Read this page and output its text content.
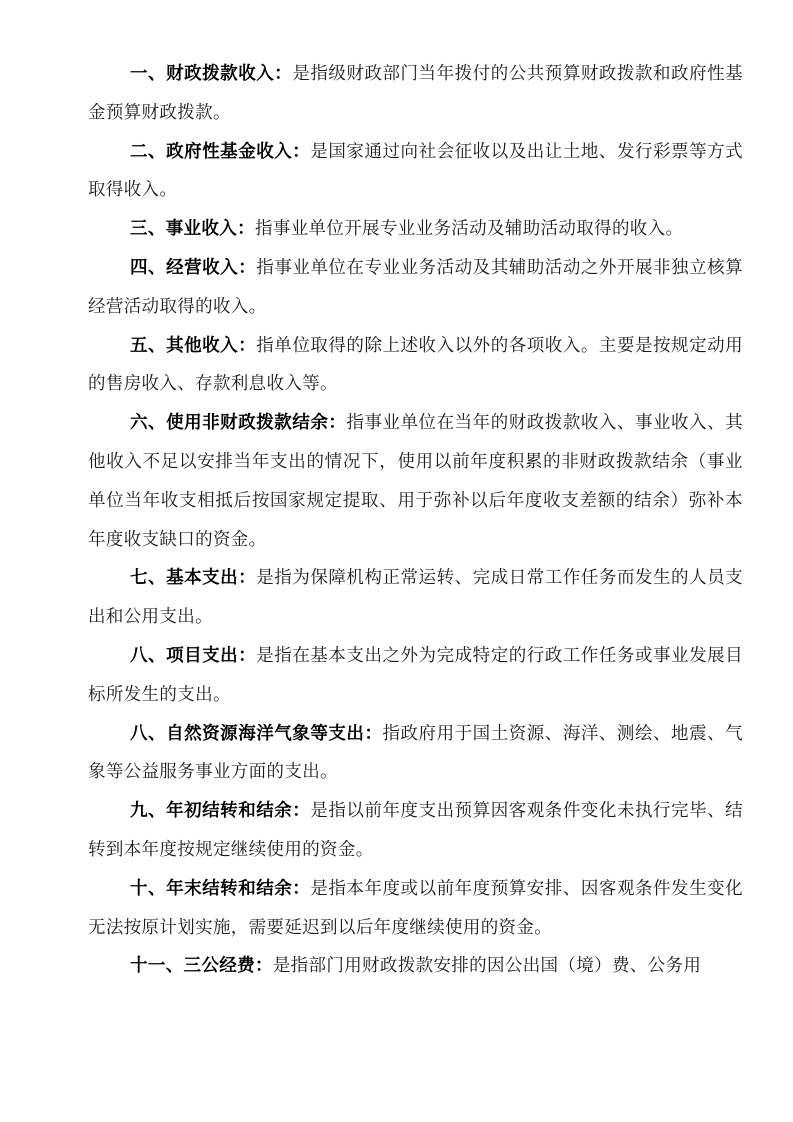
一、财政拨款收入：是指级财政部门当年拨付的公共预算财政拨款和政府性基金预算财政拨款。

二、政府性基金收入：是国家通过向社会征收以及出让土地、发行彩票等方式取得收入。

三、事业收入：指事业单位开展专业业务活动及辅助活动取得的收入。

四、经营收入：指事业单位在专业业务活动及其辅助活动之外开展非独立核算经营活动取得的收入。

五、其他收入：指单位取得的除上述收入以外的各项收入。主要是按规定动用的售房收入、存款利息收入等。

六、使用非财政拨款结余：指事业单位在当年的财政拨款收入、事业收入、其他收入不足以安排当年支出的情况下，使用以前年度积累的非财政拨款结余（事业单位当年收支相抵后按国家规定提取、用于弥补以后年度收支差额的结余）弥补本年度收支缺口的资金。

七、基本支出：是指为保障机构正常运转、完成日常工作任务而发生的人员支出和公用支出。

八、项目支出：是指在基本支出之外为完成特定的行政工作任务或事业发展目标所发生的支出。

八、自然资源海洋气象等支出：指政府用于国土资源、海洋、测绘、地震、气象等公益服务事业方面的支出。

九、年初结转和结余：是指以前年度支出预算因客观条件变化未执行完毕、结转到本年度按规定继续使用的资金。

十、年末结转和结余：是指本年度或以前年度预算安排、因客观条件发生变化无法按原计划实施，需要延迟到以后年度继续使用的资金。

十一、三公经费：是指部门用财政拨款安排的因公出国（境）费、公务用
